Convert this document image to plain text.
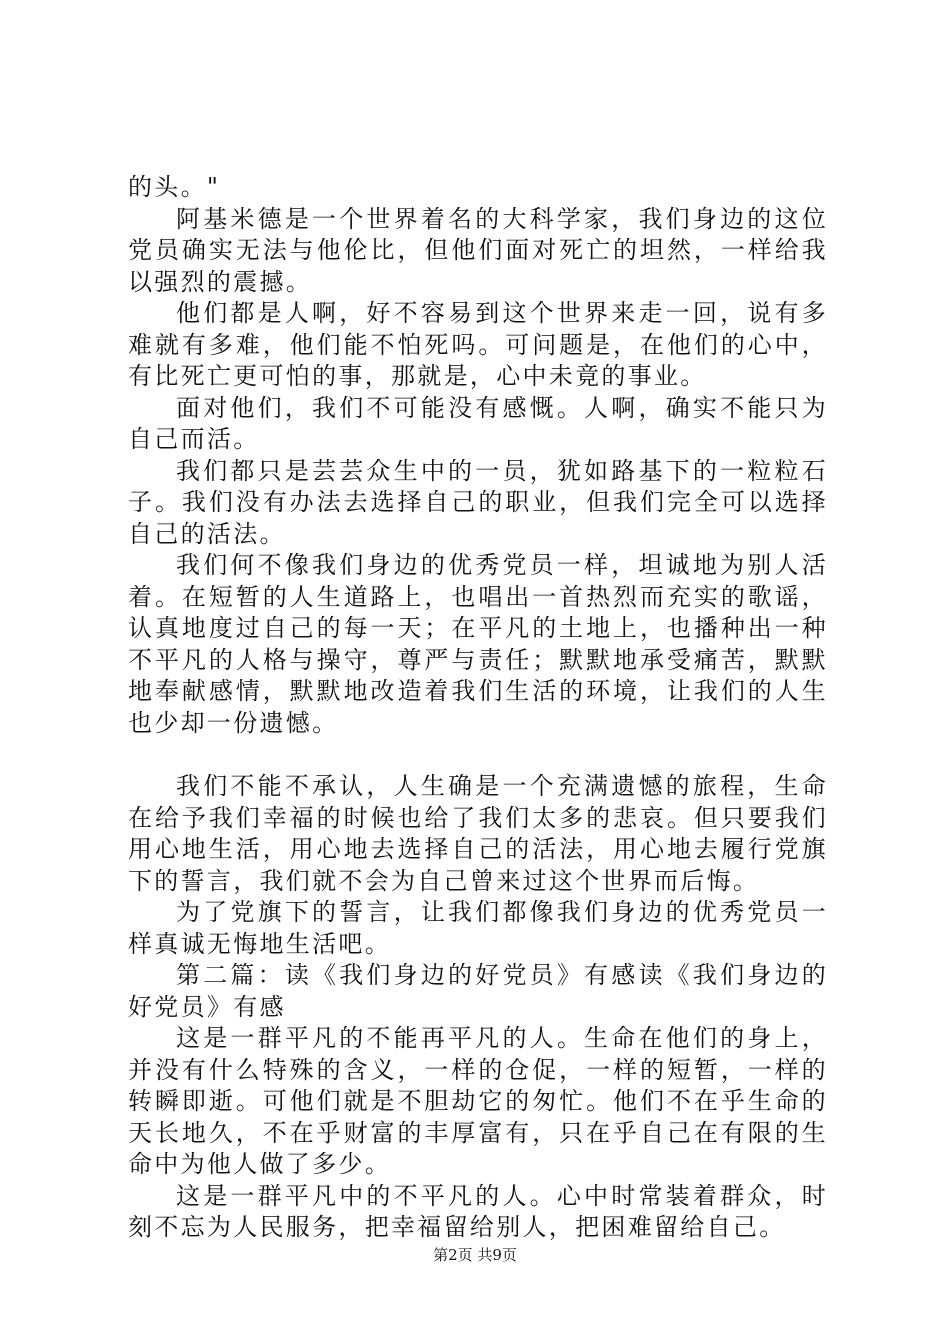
的头。"

阿基米德是一个世界着名的大科学家，我们身边的这位党员确实无法与他伦比，但他们面对死亡的坦然，一样给我以强烈的震撼。

他们都是人啊，好不容易到这个世界来走一回，说有多难就有多难，他们能不怕死吗。可问题是，在他们的心中，有比死亡更可怕的事，那就是，心中未竟的事业。

面对他们，我们不可能没有感慨。人啊，确实不能只为自己而活。

我们都只是芸芸众生中的一员，犹如路基下的一粒粒石子。我们没有办法去选择自己的职业，但我们完全可以选择自己的活法。

我们何不像我们身边的优秀党员一样，坦诚地为别人活着。在短暂的人生道路上，也唱出一首热烈而充实的歌谣，认真地度过自己的每一天；在平凡的土地上，也播种出一种不平凡的人格与操守，尊严与责任；默默地承受痛苦，默默地奉献感情，默默地改造着我们生活的环境，让我们的人生也少却一份遗憾。

我们不能不承认，人生确是一个充满遗憾的旅程，生命在给予我们幸福的时候也给了我们太多的悲哀。但只要我们用心地生活，用心地去选择自己的活法，用心地去履行党旗下的誓言，我们就不会为自己曾来过这个世界而后悔。

为了党旗下的誓言，让我们都像我们身边的优秀党员一样真诚无悔地生活吧。

第二篇：读《我们身边的好党员》有感读《我们身边的好党员》有感

这是一群平凡的不能再平凡的人。生命在他们的身上，并没有什么特殊的含义，一样的仓促，一样的短暂，一样的转瞬即逝。可他们就是不胆劫它的匆忙。他们不在乎生命的天长地久，不在乎财富的丰厚富有，只在乎自己在有限的生命中为他人做了多少。

这是一群平凡中的不平凡的人。心中时常装着群众，时刻不忘为人民服务，把幸福留给别人，把困难留给自己。

第2页 共9页
